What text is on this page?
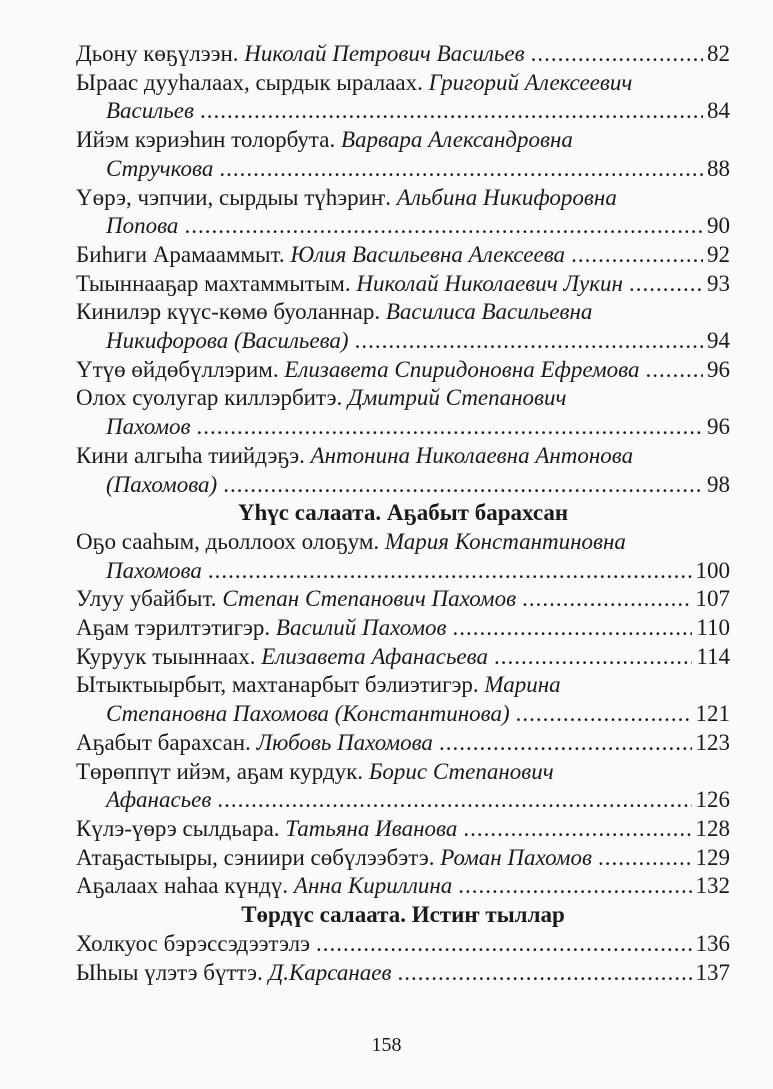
Дьону көҕүлээн.
Николай Петрович Васильев .....	82
Ыраас дууһалаах, сырдык ыралаах.
Григорий Алексеевич
Васильев .....	84
Ийэм кэриэһин толорбута.
Варвара Александровна
Стручкова .....	88
Үөрэ, чэпчии, сырдыы түһэриҥ.
Альбина Никифоровна
Попова .....	90
Биһиги Арамааммыт.
Юлия Васильевна Алексеева .....	92
Тыыннааҕар махтаммытым.
Николай Николаевич Лукин .....	93
Кинилэр күүс-көмө буоланнар.
Василиса Васильевна
Никифорова (Васильева) .....	94
Үтүө өйдөбүллэрим.
Елизавета Спиридоновна Ефремова .....	96
Олох суолугар киллэрбитэ.
Дмитрий Степанович
Пахомов .....	96
Кини алгыһа тиийдэҕэ.
Антонина Николаевна Антонова
(Пахомова) .....	98
Үһүс салаата. Аҕабыт барахсан
Оҕо сааһым, дьоллоох олоҕум.
Мария Константиновна
Пахомова .....	100
Улуу убайбыт.
Степан Степанович Пахомов .....	107
Аҕам тэрилтэтигэр.
Василий Пахомов .....	110
Куруук тыыннаах.
Елизавета Афанасьева .....	114
Ытыктыырбыт, махтанарбыт бэлиэтигэр.
Марина
Степановна Пахомова (Константинова) .....	121
Аҕабыт барахсан.
Любовь Пахомова .....	123
Төрөппүт ийэм, аҕам курдук.
Борис Степанович
Афанасьев .....	126
Күлэ-үөрэ сылдьара.
Татьяна Иванова .....	128
Атаҕастыыры, сэниири сөбүлээбэтэ.
Роман Пахомов .....	129
Аҕалаах наһаа күндү.
Анна Кириллина .....	132
Төрдүс салаата. Истиҥ тыллар
Холкуос бэрэссэдээтэлэ .....	136
Ыһыы үлэтэ бүттэ.
Д.Карсанаев .....	137
158
